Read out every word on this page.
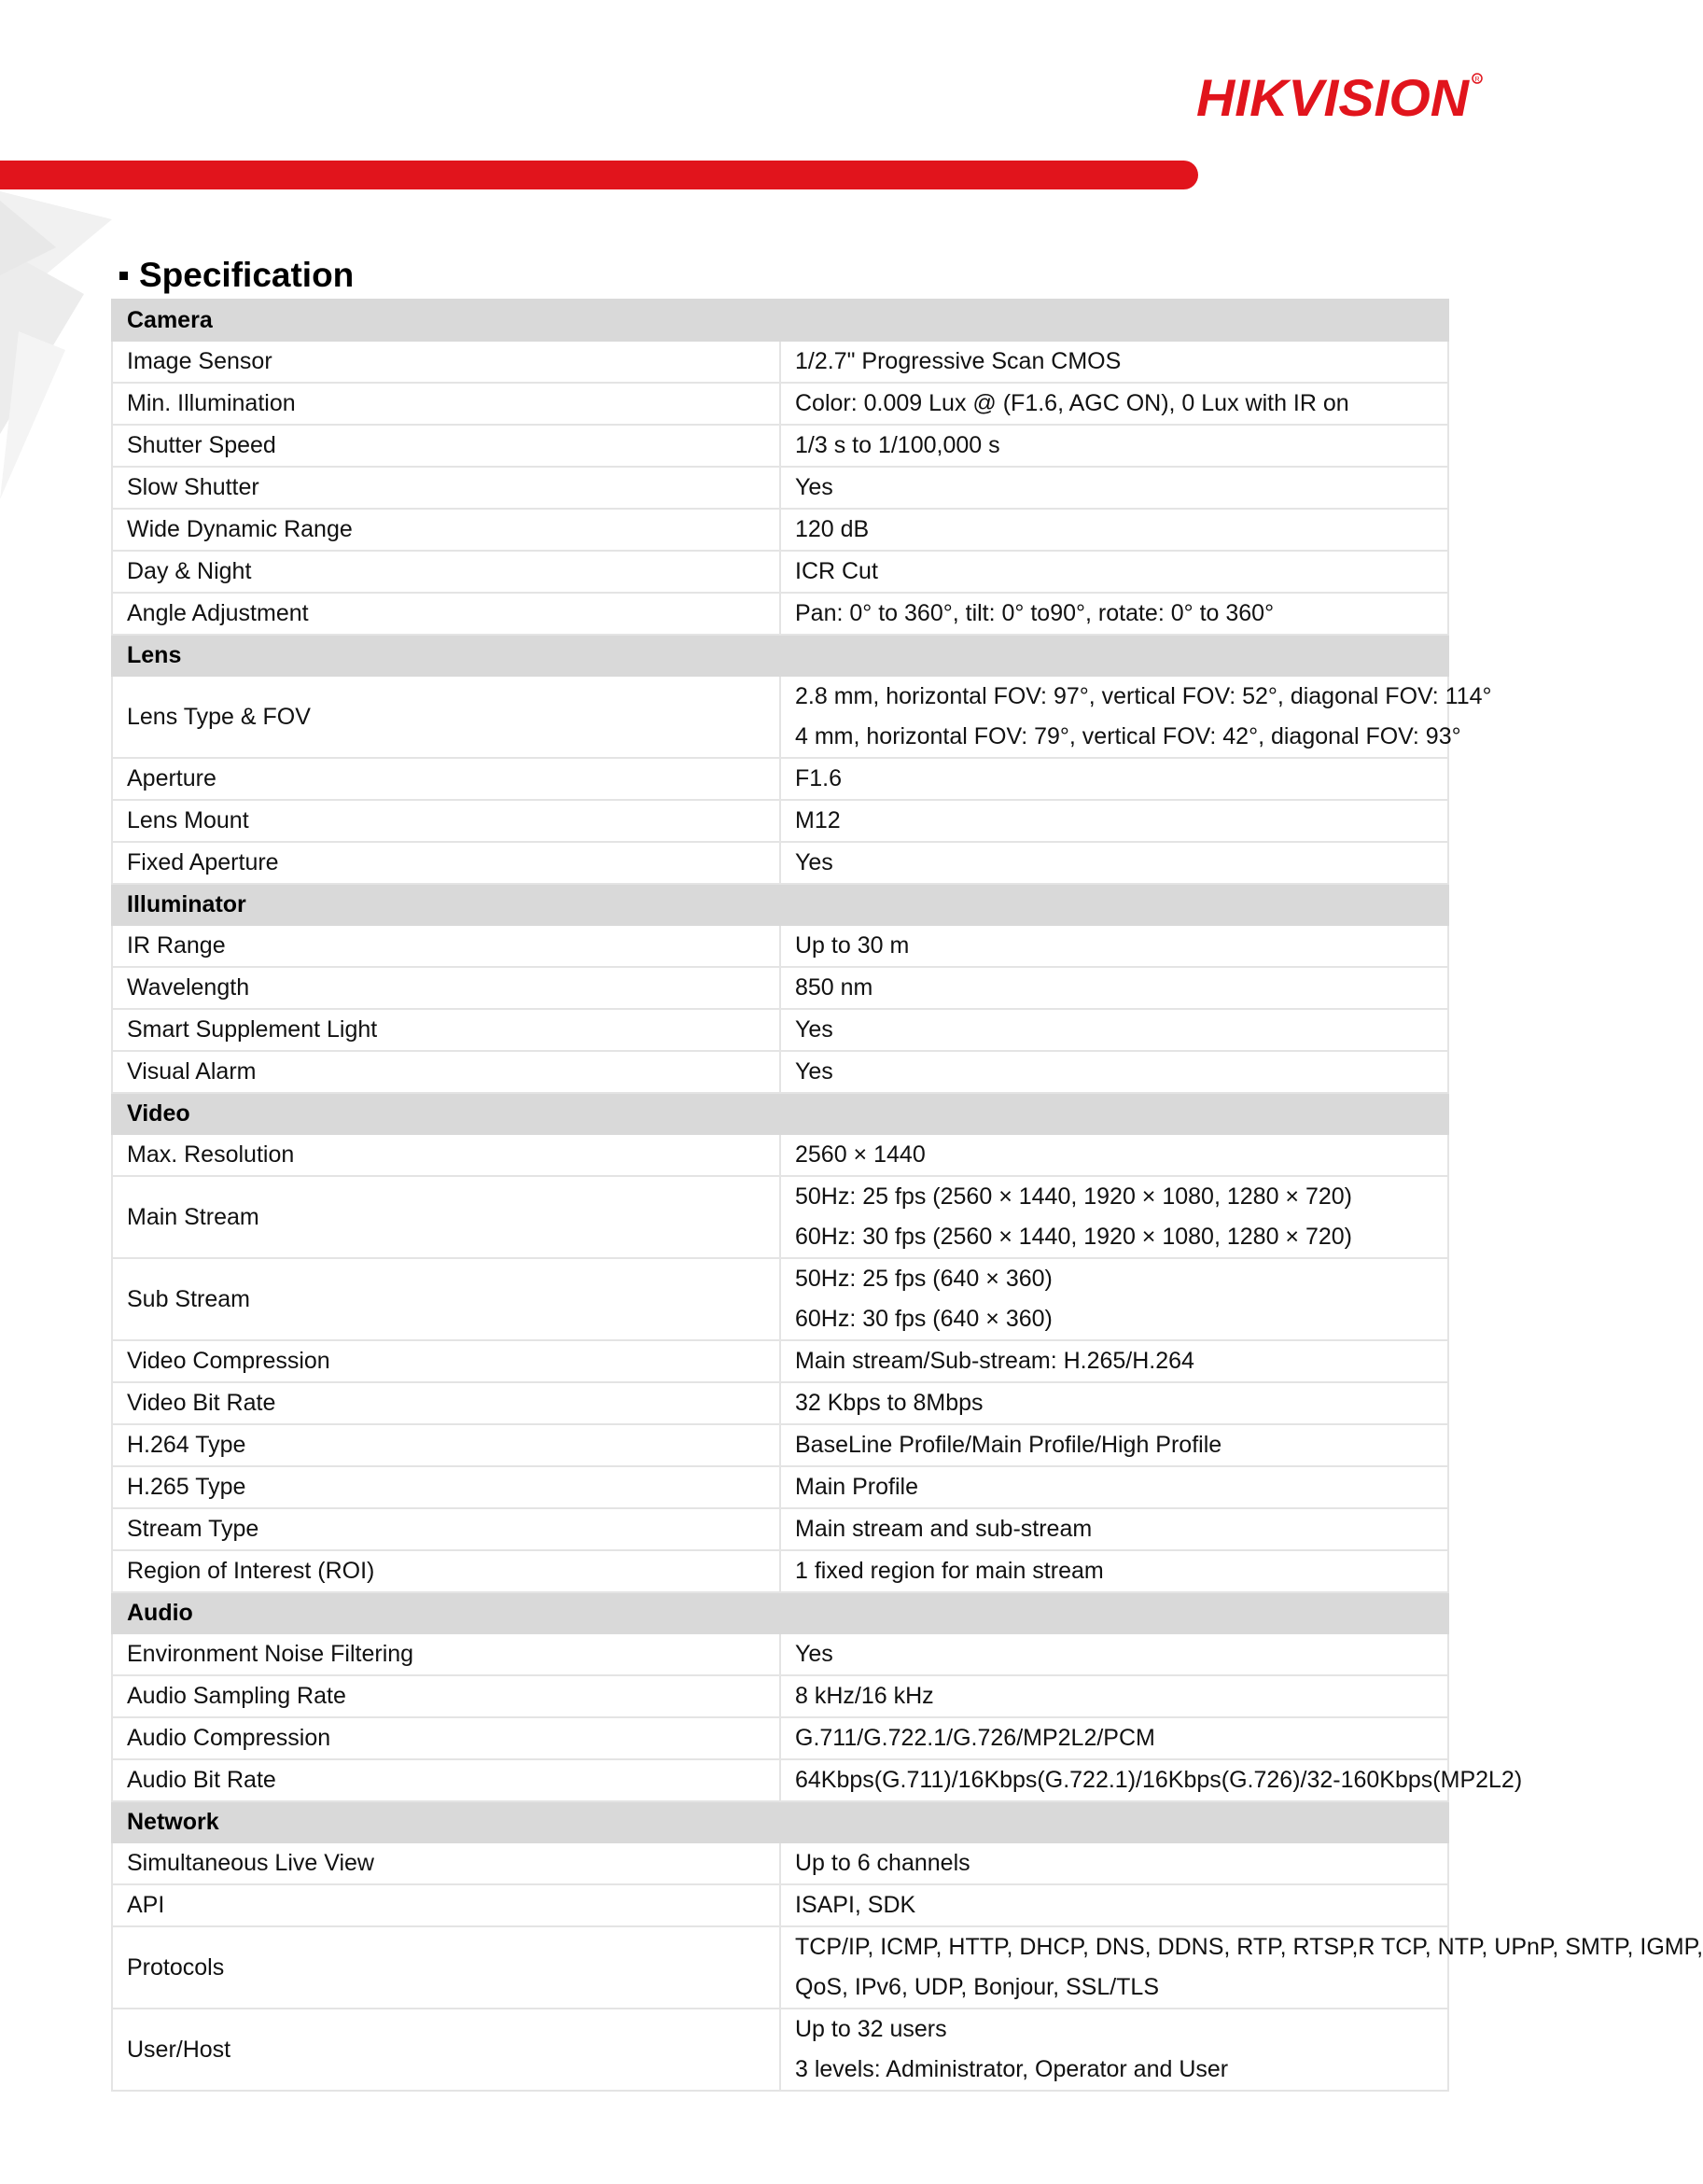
HIKVISION R
Specification
Camera	
Image Sensor	1/2.7" Progressive Scan CMOS

Min. Illumination	Color: 0.009 Lux @ (F1.6, AGC ON), 0 Lux with IR on

Shutter Speed	1/3 s to 1/100,000 s

Slow Shutter	Yes

Wide Dynamic Range	120 dB

Day & Night	ICR Cut

Angle Adjustment	Pan: 0° to 360°, tilt: 0° to90°, rotate: 0° to 360°

Lens	
Lens Type & FOV	2.8 mm, horizontal FOV: 97°, vertical FOV: 52°, diagonal FOV: 114°
4 mm, horizontal FOV: 79°, vertical FOV: 42°, diagonal FOV: 93°

Aperture	F1.6

Lens Mount	M12

Fixed Aperture	Yes

Illuminator	
IR Range	Up to 30 m

Wavelength	850 nm

Smart Supplement Light	Yes

Visual Alarm	Yes

Video	
Max. Resolution	2560 × 1440

Main Stream	50Hz: 25 fps (2560 × 1440, 1920 × 1080, 1280 × 720)
60Hz: 30 fps (2560 × 1440, 1920 × 1080, 1280 × 720)

Sub Stream	50Hz: 25 fps (640 × 360)
60Hz: 30 fps (640 × 360)

Video Compression	Main stream/Sub-stream: H.265/H.264

Video Bit Rate	32 Kbps to 8Mbps

H.264 Type	BaseLine Profile/Main Profile/High Profile

H.265 Type	Main Profile

Stream Type	Main stream and sub-stream

Region of Interest (ROI)	1 fixed region for main stream

Audio	
Environment Noise Filtering	Yes

Audio Sampling Rate	8 kHz/16 kHz

Audio Compression	G.711/G.722.1/G.726/MP2L2/PCM

Audio Bit Rate	64Kbps(G.711)/16Kbps(G.722.1)/16Kbps(G.726)/32-160Kbps(MP2L2)

Network	
Simultaneous Live View	Up to 6 channels

API	ISAPI, SDK

Protocols	TCP/IP, ICMP, HTTP, DHCP, DNS, DDNS, RTP, RTSP,R TCP, NTP, UPnP, SMTP, IGMP,
QoS, IPv6, UDP, Bonjour, SSL/TLS

User/Host	Up to 32 users
3 levels: Administrator, Operator and User
